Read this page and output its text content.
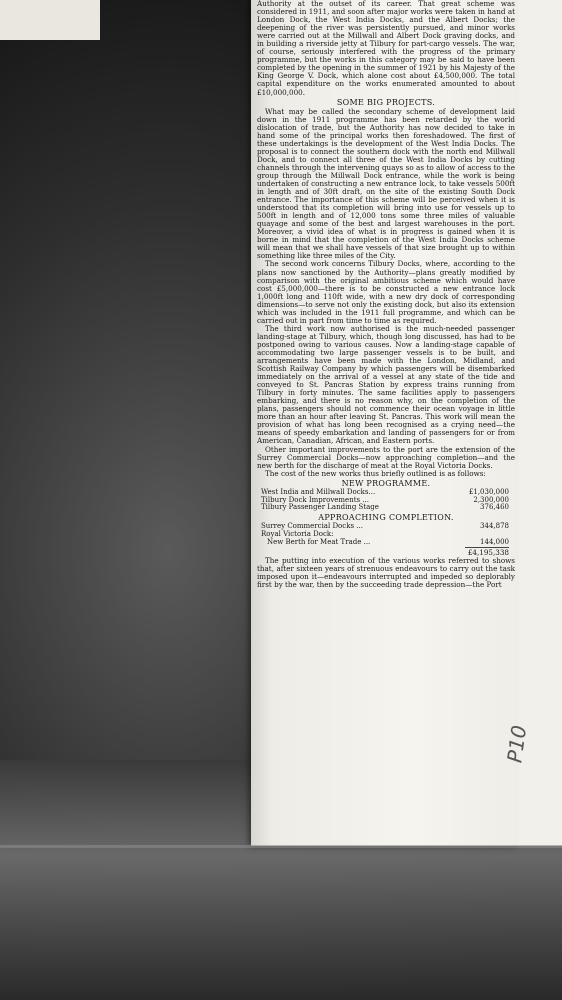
Authority at the outset of its career. That great scheme was considered in 1911, and soon after major works were taken in hand at London Dock, the West India Docks, and the Albert Docks; the deepening of the river was persistently pursued, and minor works were carried out at the Millwall and Albert Dock graving docks, and in building a riverside jetty at Tilbury for part-cargo vessels. The war, of course, seriously interfered with the progress of the primary programme, but the works in this category may be said to have been completed by the opening in the summer of 1921 by his Majesty of the King George V. Dock, which alone cost about £4,500,000. The total capital expenditure on the works enumerated amounted to about £10,000,000.

SOME BIG PROJECTS.

What may be called the secondary scheme of development laid down in the 1911 programme has been retarded by the world dislocation of trade, but the Authority has now decided to take in hand some of the principal works then foreshadowed. The first of these undertakings is the development of the West India Docks. The proposal is to connect the southern dock with the north end Millwall Dock, and to connect all three of the West India Docks by cutting channels through the intervening quays so as to allow of access to the group through the Millwall Dock entrance, while the work is being undertaken of constructing a new entrance lock, to take vessels 500ft in length and of 30ft draft, on the site of the existing South Dock entrance. The importance of this scheme will be perceived when it is understood that its completion will bring into use for vessels up to 500ft in length and of 12,000 tons some three miles of valuable quayage and some of the best and largest warehouses in the port. Moreover, a vivid idea of what is in progress is gained when it is borne in mind that the completion of the West India Docks scheme will mean that we shall have vessels of that size brought up to within something like three miles of the City.

The second work concerns Tilbury Docks, where, according to the plans now sanctioned by the Authority—plans greatly modified by comparison with the original ambitious scheme which would have cost £5,000,000—there is to be constructed a new entrance lock 1,000ft long and 110ft wide, with a new dry dock of corresponding dimensions—to serve not only the existing dock, but also its extension which was included in the 1911 full programme, and which can be carried out in part from time to time as required.

The third work now authorised is the much-needed passenger landing-stage at Tilbury, which, though long discussed, has had to be postponed owing to various causes. Now a landing-stage capable of accommodating two large passenger vessels is to be built, and arrangements have been made with the London, Midland, and Scottish Railway Company by which passengers will be disembarked immediately on the arrival of a vessel at any state of the tide and conveyed to St. Pancras Station by express trains running from Tilbury in forty minutes. The same facilities apply to passengers embarking, and there is no reason why, on the completion of the plans, passengers should not commence their ocean voyage in little more than an hour after leaving St. Pancras. This work will mean the provision of what has long been recognised as a crying need—the means of speedy embarkation and landing of passengers for or from American, Canadian, African, and Eastern ports.

Other important improvements to the port are the extension of the Surrey Commercial Docks—now approaching completion—and the new berth for the discharge of meat at the Royal Victoria Docks.

The cost of the new works thus briefly outlined is as follows:

NEW PROGRAMME.
West India and Millwall Docks...	£1,030,000
Tilbury Dock Improvements ...	2,300,000
Tilbury Passenger Landing Stage	376,460
APPROACHING COMPLETION.
Surrey Commercial Docks ...	344,878
Royal Victoria Dock:	
New Berth for Meat Trade ...	144,000
£4,195,338

The putting into execution of the various works referred to shows that, after sixteen years of strenuous endeavours to carry out the task imposed upon it—endeavours interrupted and impeded so deplorably first by the war, then by the succeeding trade depression—the Port

P10
